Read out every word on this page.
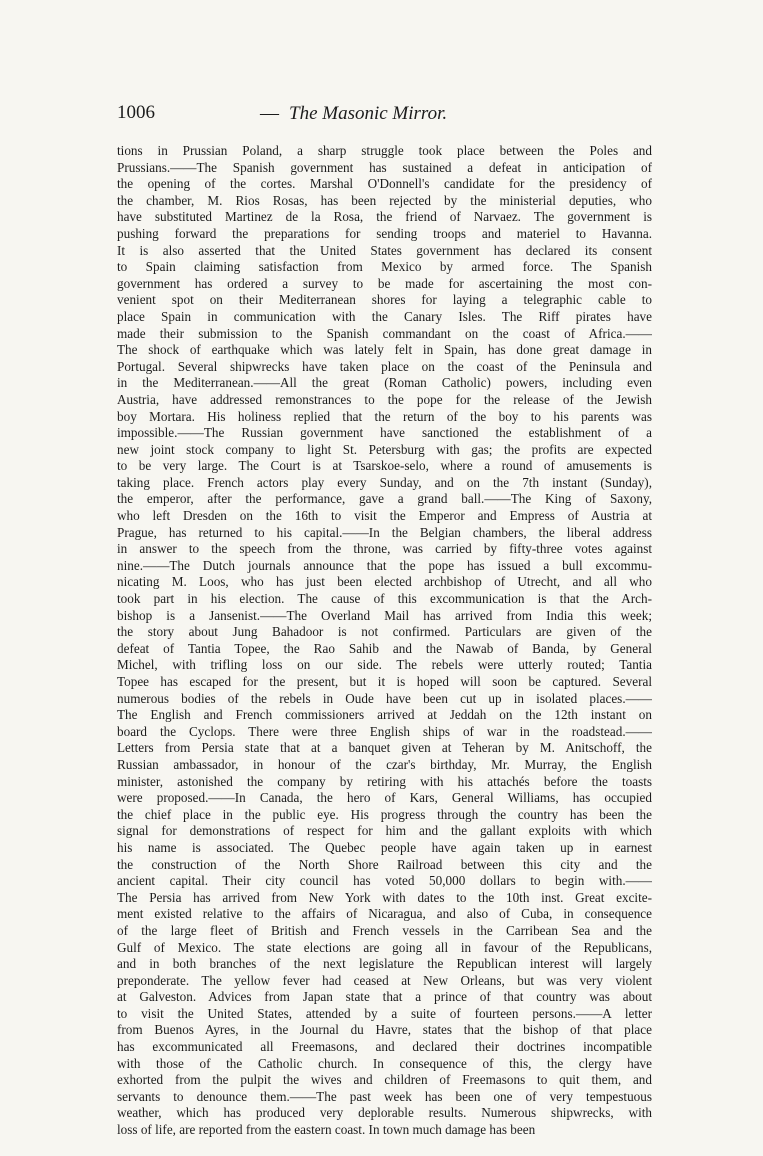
1006	— The Masonic Mirror.
tions in Prussian Poland, a sharp struggle took place between the Poles and
Prussians.——The Spanish government has sustained a defeat in anticipation of
the opening of the cortes. Marshal O'Donnell's candidate for the presidency of
the chamber, M. Rios Rosas, has been rejected by the ministerial deputies, who
have substituted Martinez de la Rosa, the friend of Narvaez. The government is
pushing forward the preparations for sending troops and materiel to Havanna.
It is also asserted that the United States government has declared its consent
to Spain claiming satisfaction from Mexico by armed force. The Spanish
government has ordered a survey to be made for ascertaining the most con-
venient spot on their Mediterranean shores for laying a telegraphic cable to
place Spain in communication with the Canary Isles. The Riff pirates have
made their submission to the Spanish commandant on the coast of Africa.——
The shock of earthquake which was lately felt in Spain, has done great damage in
Portugal. Several shipwrecks have taken place on the coast of the Peninsula and
in the Mediterranean.——All the great (Roman Catholic) powers, including even
Austria, have addressed remonstrances to the pope for the release of the Jewish
boy Mortara. His holiness replied that the return of the boy to his parents was
impossible.——The Russian government have sanctioned the establishment of a
new joint stock company to light St. Petersburg with gas; the profits are expected
to be very large. The Court is at Tsarskoe-selo, where a round of amusements is
taking place. French actors play every Sunday, and on the 7th instant (Sunday),
the emperor, after the performance, gave a grand ball.——The King of Saxony,
who left Dresden on the 16th to visit the Emperor and Empress of Austria at
Prague, has returned to his capital.——In the Belgian chambers, the liberal address
in answer to the speech from the throne, was carried by fifty-three votes against
nine.——The Dutch journals announce that the pope has issued a bull excommu-
nicating M. Loos, who has just been elected archbishop of Utrecht, and all who
took part in his election. The cause of this excommunication is that the Arch-
bishop is a Jansenist.——The Overland Mail has arrived from India this week;
the story about Jung Bahadoor is not confirmed. Particulars are given of the
defeat of Tantia Topee, the Rao Sahib and the Nawab of Banda, by General
Michel, with trifling loss on our side. The rebels were utterly routed; Tantia
Topee has escaped for the present, but it is hoped will soon be captured. Several
numerous bodies of the rebels in Oude have been cut up in isolated places.——
The English and French commissioners arrived at Jeddah on the 12th instant on
board the Cyclops. There were three English ships of war in the roadstead.——
Letters from Persia state that at a banquet given at Teheran by M. Anitschoff, the
Russian ambassador, in honour of the czar's birthday, Mr. Murray, the English
minister, astonished the company by retiring with his attachés before the toasts
were proposed.——In Canada, the hero of Kars, General Williams, has occupied
the chief place in the public eye. His progress through the country has been the
signal for demonstrations of respect for him and the gallant exploits with which
his name is associated. The Quebec people have again taken up in earnest
the construction of the North Shore Railroad between this city and the
ancient capital. Their city council has voted 50,000 dollars to begin with.——
The Persia has arrived from New York with dates to the 10th inst. Great excite-
ment existed relative to the affairs of Nicaragua, and also of Cuba, in consequence
of the large fleet of British and French vessels in the Carribean Sea and the
Gulf of Mexico. The state elections are going all in favour of the Republicans,
and in both branches of the next legislature the Republican interest will largely
preponderate. The yellow fever had ceased at New Orleans, but was very violent
at Galveston. Advices from Japan state that a prince of that country was about
to visit the United States, attended by a suite of fourteen persons.——A letter
from Buenos Ayres, in the Journal du Havre, states that the bishop of that place
has excommunicated all Freemasons, and declared their doctrines incompatible
with those of the Catholic church. In consequence of this, the clergy have
exhorted from the pulpit the wives and children of Freemasons to quit them, and
servants to denounce them.——The past week has been one of very tempestuous
weather, which has produced very deplorable results. Numerous shipwrecks, with
loss of life, are reported from the eastern coast. In town much damage has been
